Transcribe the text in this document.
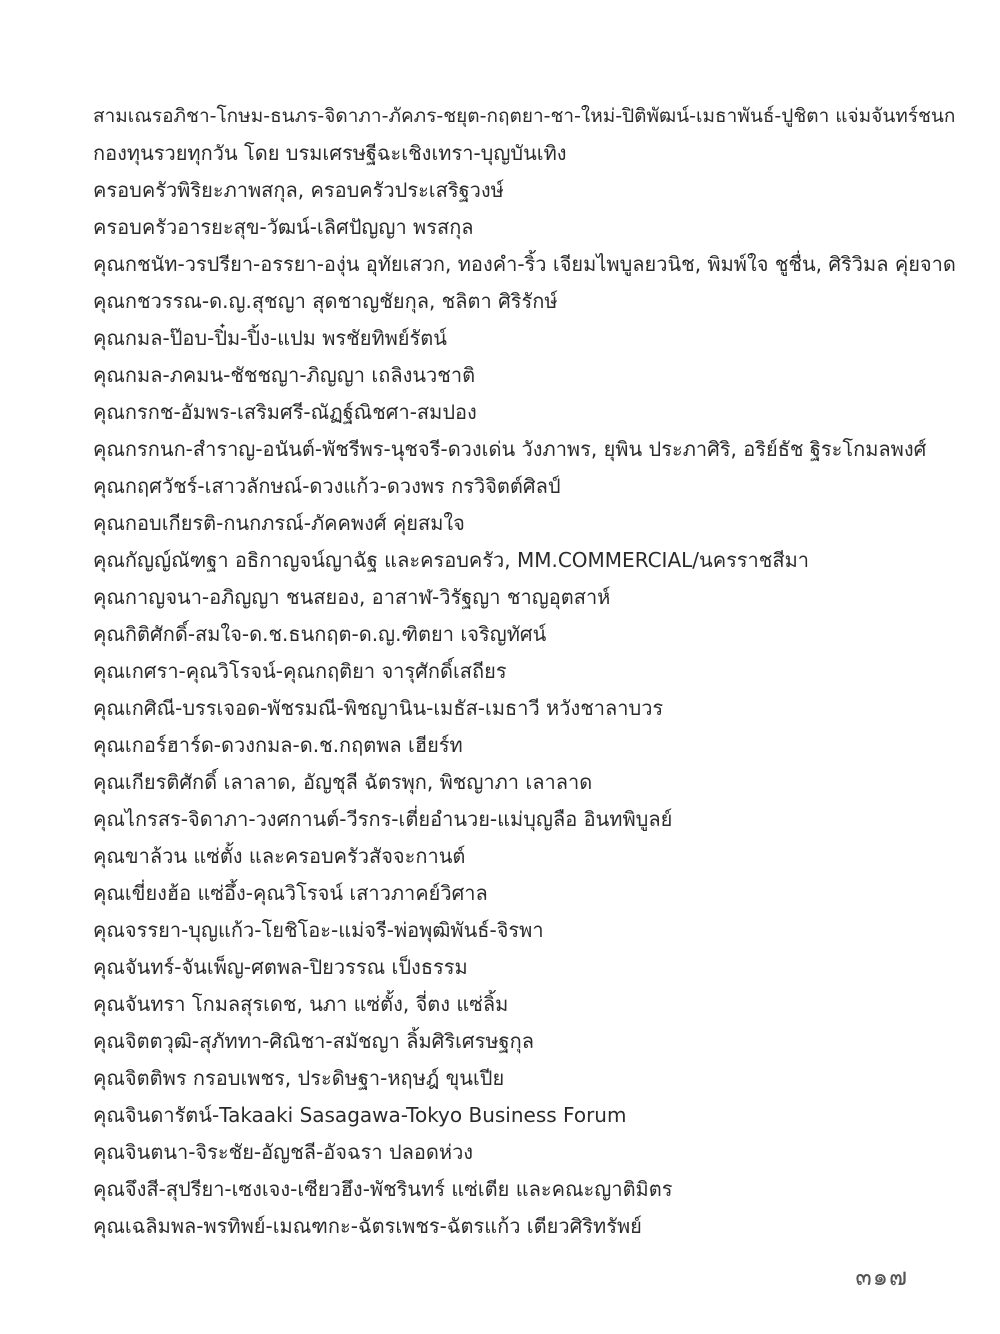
สามเณรอภิชา-โกษม-ธนภร-จิดาภา-ภัคภร-ชยุต-กฤตยา-ชา-ใหม่-ปิติพัฒน์-เมธาพันธ์-ปูชิตา แจ่มจันทร์ชนก
กองทุนรวยทุกวัน โดย บรมเศรษฐีฉะเชิงเทรา-บุญบันเทิง
ครอบครัวพิริยะภาพสกุล, ครอบครัวประเสริฐวงษ์
ครอบครัวอารยะสุข-วัฒน์-เลิศปัญญา พรสกุล
คุณกชนัท-วรปรียา-อรรยา-องุ่น อุทัยเสวก, ทองคำ-ริ้ว เจียมไพบูลยวนิช, พิมพ์ใจ ชูชื่น, ศิริวิมล คุ่ยจาด
คุณกชวรรณ-ด.ญ.สุชญา สุดชาญชัยกุล, ชลิตา ศิริรักษ์
คุณกมล-ป๊อบ-ปิ๋ม-ปิ้ง-แปม พรชัยทิพย์รัตน์
คุณกมล-ภคมน-ชัชชญา-ภิญญา เถลิงนวชาติ
คุณกรกช-อัมพร-เสริมศรี-ณัฏฐ์ณิชศา-สมปอง
คุณกรกนก-สำราญ-อนันต์-พัชรีพร-นุชจรี-ดวงเด่น วังภาพร, ยุพิน ประภาศิริ, อริย์ธัช ฐิระโกมลพงศ์
คุณกฤศวัชร์-เสาวลักษณ์-ดวงแก้ว-ดวงพร กรวิจิตต์ศิลป์
คุณกอบเกียรติ-กนกภรณ์-ภัคคพงศ์ คุ่ยสมใจ
คุณกัญญ์ณัฑฐา อธิกาญจน์ญาฉัฐ และครอบครัว, MM.COMMERCIAL/นครราชสีมา
คุณกาญจนา-อภิญญา ชนสยอง, อาสาฬ-วิรัฐญา ชาญอุตสาห์
คุณกิติศักดิ์-สมใจ-ด.ช.ธนกฤต-ด.ญ.ฑิตยา เจริญทัศน์
คุณเกศรา-คุณวิโรจน์-คุณกฤติยา จารุศักดิ์เสถียร
คุณเกศิณี-บรรเจอด-พัชรมณี-พิชญานิน-เมธัส-เมธาวี หวังชาลาบวร
คุณเกอร์ฮาร์ด-ดวงกมล-ด.ช.กฤตพล เฮียร์ท
คุณเกียรติศักดิ์ เลาลาด, อัญชุลี ฉัตรพุก, พิชญาภา เลาลาด
คุณไกรสร-จิดาภา-วงศกานต์-วีรกร-เตี่ยอำนวย-แม่บุญลือ อินทพิบูลย์
คุณขาล้วน แซ่ตั้ง และครอบครัวสัจจะกานต์
คุณเขี่ยงฮ้อ แซ่อึ้ง-คุณวิโรจน์ เสาวภาคย์วิศาล
คุณจรรยา-บุญแก้ว-โยชิโอะ-แม่จรี-พ่อพุฒิพันธ์-จิรพา
คุณจันทร์-จันเพ็ญ-ศตพล-ปิยวรรณ เป็งธรรม
คุณจันทรา โกมลสุรเดช, นภา แซ่ตั้ง, จี่ตง แซ่ลิ้ม
คุณจิตตวุฒิ-สุภัททา-ศิณิชา-สมัชญา ลิ้มศิริเศรษฐกุล
คุณจิตติพร กรอบเพชร, ประดิษฐา-หฤษฎ์ ขุนเปีย
คุณจินดารัตน์-Takaaki Sasagawa-Tokyo Business Forum
คุณจินตนา-จิระชัย-อัญชลี-อัจฉรา ปลอดห่วง
คุณจึงสี-สุปรียา-เซงเจง-เซียวฮึง-พัชรินทร์ แซ่เตีย และคณะญาติมิตร
คุณเฉลิมพล-พรทิพย์-เมณฑกะ-ฉัตรเพชร-ฉัตรแก้ว เตียวศิริทรัพย์
๓๑๗
